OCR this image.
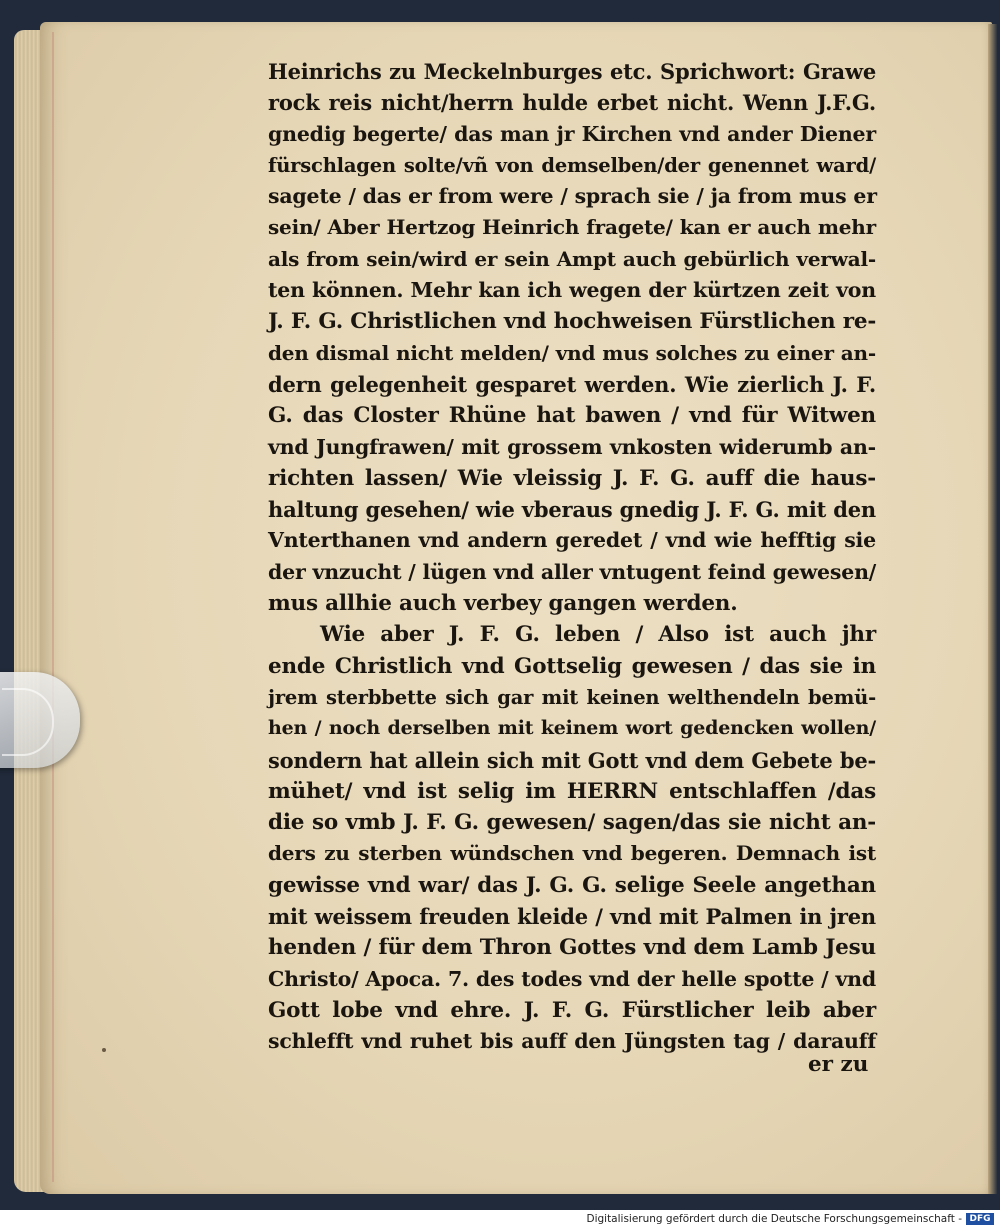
Heinrichs zu Meckelnburges etc. Sprichwort: Grawe
rock reis nicht/herrn hulde erbet nicht. Wenn J.F.G.
gnedig begerte/ das man jr Kirchen vnd ander Diener
fürschlagen solte/vñ von demselben/der genennet ward/
sagete / das er from were / sprach sie / ja from mus er
sein/ Aber Hertzog Heinrich fragete/ kan er auch mehr
als from sein/wird er sein Ampt auch gebürlich verwal-
ten können. Mehr kan ich wegen der kürtzen zeit von
J. F. G. Christlichen vnd hochweisen Fürstlichen re-
den dismal nicht melden/ vnd mus solches zu einer an-
dern gelegenheit gesparet werden. Wie zierlich J. F.
G. das Closter Rhüne hat bawen / vnd für Witwen
vnd Jungfrawen/ mit grossem vnkosten widerumb an-
richten lassen/ Wie vleissig J. F. G. auff die haus-
haltung gesehen/ wie vberaus gnedig J. F. G. mit den
Vnterthanen vnd andern geredet / vnd wie hefftig sie
der vnzucht / lügen vnd aller vntugent feind gewesen/
mus allhie auch verbey gangen werden.
Wie aber J. F. G. leben / Also ist auch jhr
ende Christlich vnd Gottselig gewesen / das sie in
jrem sterbbette sich gar mit keinen welthendeln bemü-
hen / noch derselben mit keinem wort gedencken wollen/
sondern hat allein sich mit Gott vnd dem Gebete be-
mühet/ vnd ist selig im HERRN entschlaffen /das
die so vmb J. F. G. gewesen/ sagen/das sie nicht an-
ders zu sterben wündschen vnd begeren. Demnach ist
gewisse vnd war/ das J. G. G. selige Seele angethan
mit weissem freuden kleide / vnd mit Palmen in jren
henden / für dem Thron Gottes vnd dem Lamb Jesu
Christo/ Apoca. 7. des todes vnd der helle spotte / vnd
Gott lobe vnd ehre. J. F. G. Fürstlicher leib aber
schlefft vnd ruhet bis auff den Jüngsten tag / darauff
er zu
Digitalisierung gefördert durch die Deutsche Forschungsgemeinschaft - DFG
